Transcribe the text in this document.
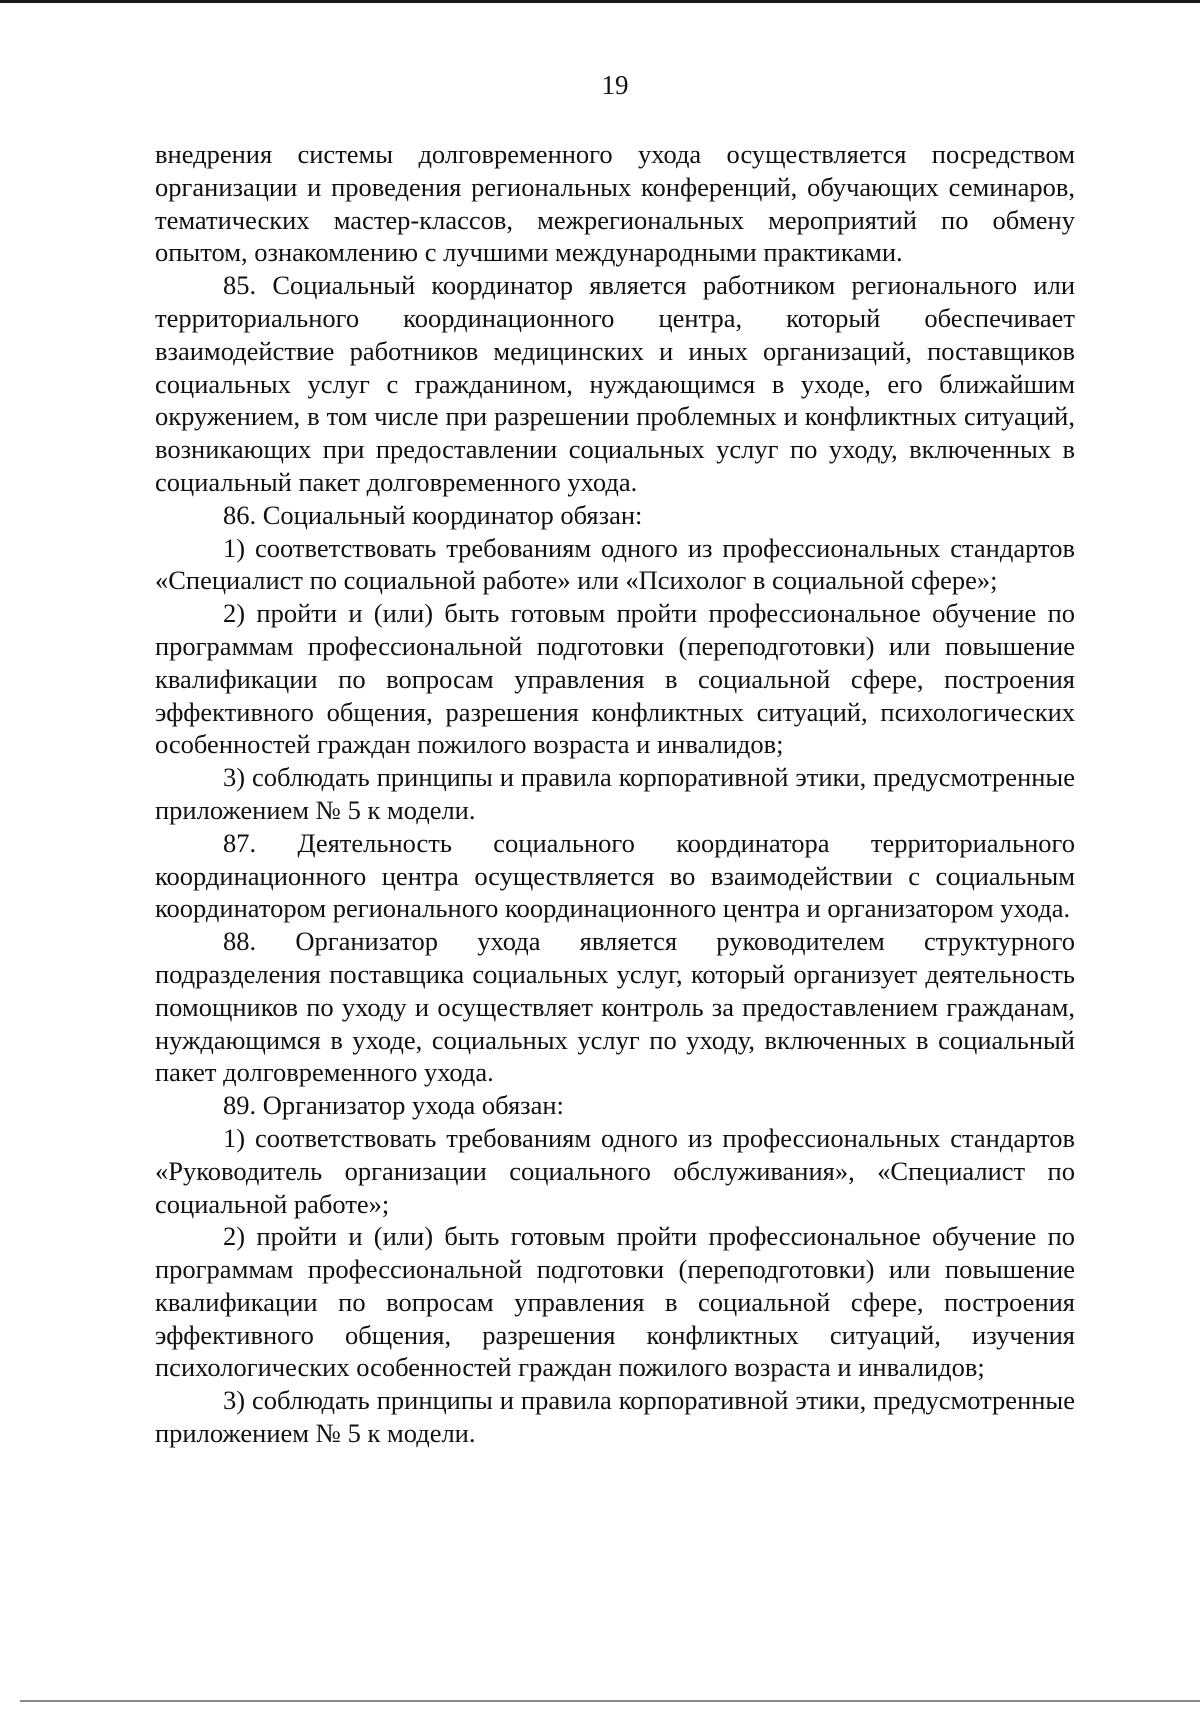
19

внедрения системы долговременного ухода осуществляется посредством организации и проведения региональных конференций, обучающих семинаров, тематических мастер-классов, межрегиональных мероприятий по обмену опытом, ознакомлению с лучшими международными практиками.

85. Социальный координатор является работником регионального или территориального координационного центра, который обеспечивает взаимодействие работников медицинских и иных организаций, поставщиков социальных услуг с гражданином, нуждающимся в уходе, его ближайшим окружением, в том числе при разрешении проблемных и конфликтных ситуаций, возникающих при предоставлении социальных услуг по уходу, включенных в социальный пакет долговременного ухода.

86. Социальный координатор обязан:

1) соответствовать требованиям одного из профессиональных стандартов «Специалист по социальной работе» или «Психолог в социальной сфере»;

2) пройти и (или) быть готовым пройти профессиональное обучение по программам профессиональной подготовки (переподготовки) или повышение квалификации по вопросам управления в социальной сфере, построения эффективного общения, разрешения конфликтных ситуаций, психологических особенностей граждан пожилого возраста и инвалидов;

3) соблюдать принципы и правила корпоративной этики, предусмотренные приложением № 5 к модели.

87. Деятельность социального координатора территориального координационного центра осуществляется во взаимодействии с социальным координатором регионального координационного центра и организатором ухода.

88. Организатор ухода является руководителем структурного подразделения поставщика социальных услуг, который организует деятельность помощников по уходу и осуществляет контроль за предоставлением гражданам, нуждающимся в уходе, социальных услуг по уходу, включенных в социальный пакет долговременного ухода.

89. Организатор ухода обязан:

1) соответствовать требованиям одного из профессиональных стандартов «Руководитель организации социального обслуживания», «Специалист по социальной работе»;

2) пройти и (или) быть готовым пройти профессиональное обучение по программам профессиональной подготовки (переподготовки) или повышение квалификации по вопросам управления в социальной сфере, построения эффективного общения, разрешения конфликтных ситуаций, изучения психологических особенностей граждан пожилого возраста и инвалидов;

3) соблюдать принципы и правила корпоративной этики, предусмотренные приложением № 5 к модели.
